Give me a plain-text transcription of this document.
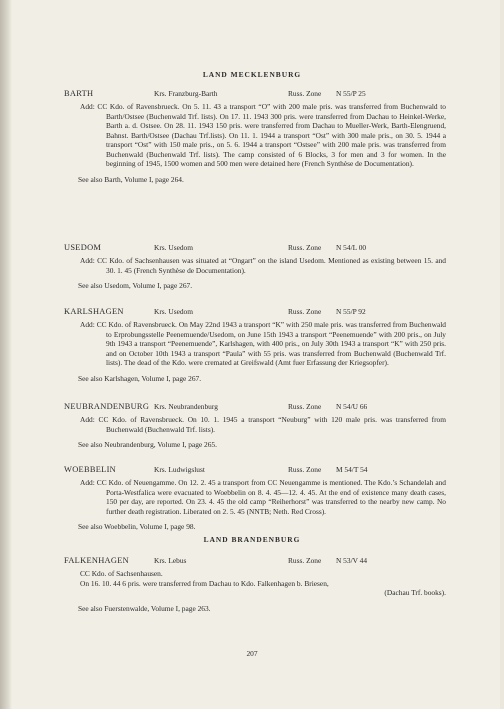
LAND MECKLENBURG
BARTH	Krs. Franzburg-Barth	Russ. Zone N 55/P 25

Add: CC Kdo. of Ravensbrueck. On 5. 11. 43 a transport “O” with 200 male pris. was transferred from Buchenwald to Barth/Ostsee (Buchenwald Trf. lists). On 17. 11. 1943 300 pris. were transferred from Dachau to Heinkel-Werke, Barth a. d. Ostsee. On 28. 11. 1943 150 pris. were transferred from Dachau to Mueller-Werk, Barth-Elengruend, Bahnst. Barth/Ostsee (Dachau Trf.lists). On 11. 1. 1944 a transport “Ost” with 300 male pris., on 30. 5. 1944 a transport “Ost” with 150 male pris., on 5. 6. 1944 a transport “Ostsee” with 200 male pris. was transferred from Buchenwald (Buchenwald Trf. lists). The camp consisted of 6 Blocks, 3 for men and 3 for women. In the beginning of 1945, 1500 women and 500 men were detained here (French Synthèse de Documentation).

See also Barth, Volume I, page 264.
USEDOM	Krs. Usedom	Russ. Zone N 54/L 00

Add: CC Kdo. of Sachsenhausen was situated at “Ongart” on the island Usedom. Mentioned as existing between 15. and 30. 1. 45 (French Synthèse de Documentation).

See also Usedom, Volume I, page 267.
KARLSHAGEN	Krs. Usedom	Russ. Zone N 55/P 92

Add: CC Kdo. of Ravensbrueck. On May 22nd 1943 a transport “K” with 250 male pris. was transferred from Buchenwald to Erprobungsstelle Peenemuende/Usedom, on June 15th 1943 a transport “Peenemuende” with 200 pris., on July 9th 1943 a transport “Peenemuende”, Karlshagen, with 400 pris., on July 30th 1943 a transport “K” with 250 pris. and on October 10th 1943 a transport “Paula” with 55 pris. was transferred from Buchenwald (Buchenwald Trf. lists). The dead of the Kdo. were cremated at Greifswald (Amt fuer Erfassung der Kriegsopfer).

See also Karlshagen, Volume I, page 267.
NEUBRANDENBURG Krs. Neubrandenburg	Russ. Zone N 54/U 66

Add: CC Kdo. of Ravensbrueck. On 10. 1. 1945 a transport “Neuburg” with 120 male pris. was transferred from Buchenwald (Buchenwald Trf. lists).

See also Neubrandenburg, Volume I, page 265.
WOEBBELIN	Krs. Ludwigslust	Russ. Zone M 54/T 54

Add: CC Kdo. of Neuengamme. On 12. 2. 45 a transport from CC Neuengamme is mentioned. The Kdo.’s Schandelah and Porta-Westfalica were evacuated to Woebbelin on 8. 4. 45—12. 4. 45. At the end of existence many death cases, 150 per day, are reported. On 23. 4. 45 the old camp “Reiherhorst” was transferred to the nearby new camp. No further death registration. Liberated on 2. 5. 45 (NNTB; Neth. Red Cross).

See also Woebbelin, Volume I, page 98.
LAND BRANDENBURG
FALKENHAGEN	Krs. Lebus	Russ. Zone N 53/V 44

CC Kdo. of Sachsenhausen.

On 16. 10. 44 6 pris. were transferred from Dachau to Kdo. Falkenhagen b. Briesen,

(Dachau Trf. books).

See also Fuerstenwalde, Volume I, page 263.
207
